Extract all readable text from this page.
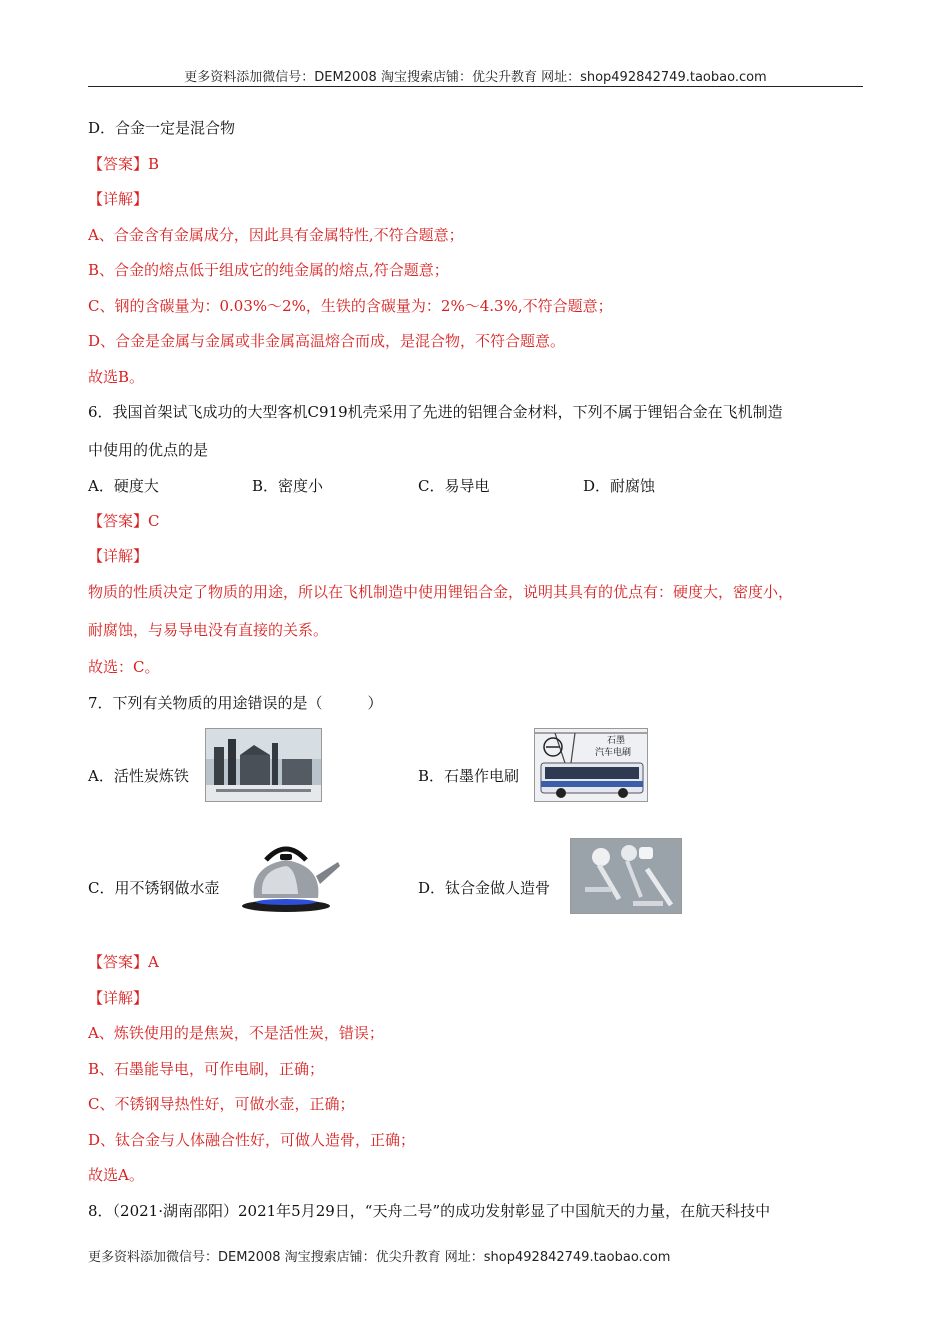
更多资料添加微信号：DEM2008 淘宝搜索店铺：优尖升教育 网址：shop492842749.taobao.com
D．合金一定是混合物
【答案】B
【详解】
A、合金含有金属成分，因此具有金属特性,不符合题意；
B、合金的熔点低于组成它的纯金属的熔点,符合题意；
C、钢的含碳量为：0.03%～2%，生铁的含碳量为：2%～4.3%,不符合题意；
D、合金是金属与金属或非金属高温熔合而成，是混合物，不符合题意。
故选B。
6．我国首架试飞成功的大型客机C919机壳采用了先进的铝锂合金材料，下列不属于锂铝合金在飞机制造
中使用的优点的是
A．硬度大	B．密度小	C．易导电	D．耐腐蚀
【答案】C
【详解】
物质的性质决定了物质的用途，所以在飞机制造中使用锂铝合金，说明其具有的优点有：硬度大，密度小，
耐腐蚀，与易导电没有直接的关系。
故选：C。
7．下列有关物质的用途错误的是（　　　）
A．活性炭炼铁	B．石墨作电刷
石墨
汽车电刷
C．用不锈钢做水壶	D．钛合金做人造骨
【答案】A
【详解】
A、炼铁使用的是焦炭，不是活性炭，错误；
B、石墨能导电，可作电刷，正确；
C、不锈钢导热性好，可做水壶，正确；
D、钛合金与人体融合性好，可做人造骨，正确；
故选A。
8．（2021·湖南邵阳）2021年5月29日，“天舟二号”的成功发射彰显了中国航天的力量，在航天科技中
更多资料添加微信号：DEM2008 淘宝搜索店铺：优尖升教育 网址：shop492842749.taobao.com
